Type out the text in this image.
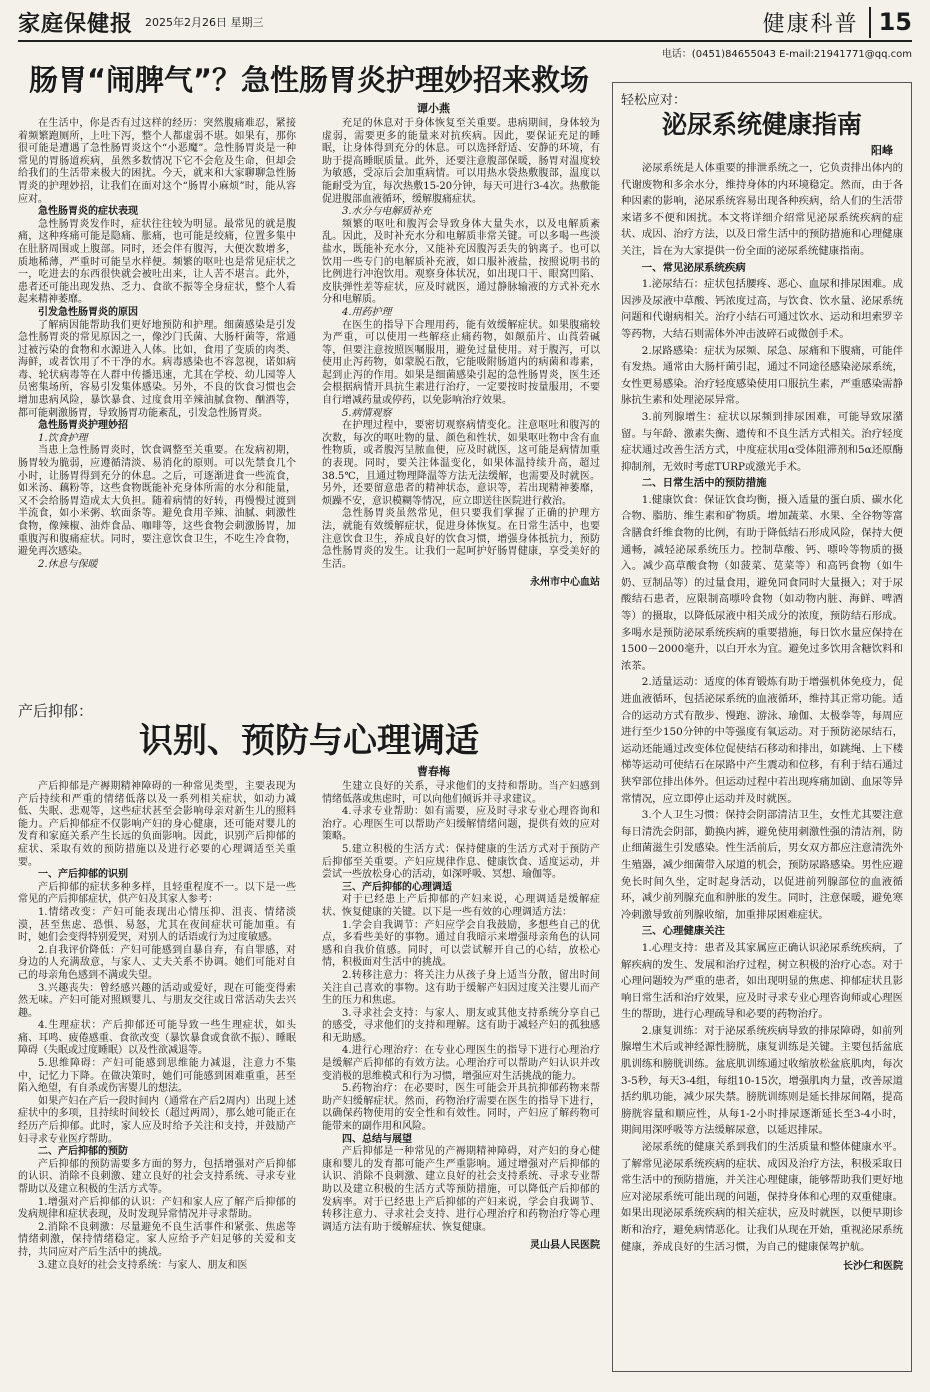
家庭保健报 2025年2月26日 星期三	健康科普 15
电话：(0451)84655043 E-mail:21941771@qq.com
肠胃“闹脾气”？急性肠胃炎护理妙招来救场
谭小燕

在生活中，你是否有过这样的经历：突然腹痛难忍，紧接着频繁跑厕所，上吐下泻，整个人都虚弱不堪。如果有，那你很可能是遭遇了急性肠胃炎这个“小恶魔”。急性肠胃炎是一种常见的胃肠道疾病，虽然多数情况下它不会危及生命，但却会给我们的生活带来极大的困扰。今天，就来和大家聊聊急性肠胃炎的护理妙招，让我们在面对这个“肠胃小麻烦”时，能从容应对。

急性肠胃炎的症状表现

急性肠胃炎发作时，症状往往较为明显。最常见的就是腹痛，这种疼痛可能是隐痛、胀痛，也可能是绞痛，位置多集中在肚脐周围或上腹部。同时，还会伴有腹泻，大便次数增多，质地稀薄，严重时可能呈水样便。频繁的呕吐也是常见症状之一，吃进去的东西很快就会被吐出来，让人苦不堪言。此外，患者还可能出现发热、乏力、食欲不振等全身症状，整个人看起来精神萎靡。

引发急性肠胃炎的原因

了解病因能帮助我们更好地预防和护理。细菌感染是引发急性肠胃炎的常见原因之一，像沙门氏菌、大肠杆菌等，常通过被污染的食物和水源进入人体。比如，食用了变质的肉类、海鲜，或者饮用了不干净的水。病毒感染也不容忽视，诺如病毒、轮状病毒等在人群中传播迅速，尤其在学校、幼儿园等人员密集场所，容易引发集体感染。另外，不良的饮食习惯也会增加患病风险，暴饮暴食、过度食用辛辣油腻食物、酗酒等，都可能刺激肠胃，导致肠胃功能紊乱，引发急性肠胃炎。

急性肠胃炎护理妙招
1.饮食护理

当患上急性肠胃炎时，饮食调整至关重要。在发病初期，肠胃较为脆弱，应遵循清淡、易消化的原则。可以先禁食几个小时，让肠胃得到充分的休息。之后，可逐渐进食一些流食，如米汤、藕粉等，这些食物既能补充身体所需的水分和能量，又不会给肠胃造成太大负担。随着病情的好转，再慢慢过渡到半流食，如小米粥、软面条等。避免食用辛辣、油腻、刺激性食物，像辣椒、油炸食品、咖啡等，这些食物会刺激肠胃，加重腹泻和腹痛症状。同时，要注意饮食卫生，不吃生冷食物，避免再次感染。

2.休息与保暖

充足的休息对于身体恢复至关重要。患病期间，身体较为虚弱，需要更多的能量来对抗疾病。因此，要保证充足的睡眠，让身体得到充分的休息。可以选择舒适、安静的环境，有助于提高睡眠质量。此外，还要注意腹部保暖，肠胃对温度较为敏感，受凉后会加重病情。可以用热水袋热敷腹部，温度以能耐受为宜，每次热敷15-20分钟，每天可进行3-4次。热敷能促进腹部血液循环，缓解腹痛症状。

3.水分与电解质补充

频繁的呕吐和腹泻会导致身体大量失水，以及电解质紊乱。因此，及时补充水分和电解质非常关键。可以多喝一些淡盐水，既能补充水分，又能补充因腹泻丢失的钠离子。也可以饮用一些专门的电解质补充液，如口服补液盐，按照说明书的比例进行冲泡饮用。观察身体状况，如出现口干、眼窝凹陷、皮肤弹性差等症状，应及时就医，通过静脉输液的方式补充水分和电解质。

4.用药护理

在医生的指导下合理用药，能有效缓解症状。如果腹痛较为严重，可以使用一些解痉止痛药物，如颠茄片、山莨菪碱等，但要注意按照医嘱服用，避免过量使用。对于腹泻，可以使用止泻药物，如蒙脱石散，它能吸附肠道内的病菌和毒素，起到止泻的作用。如果是细菌感染引起的急性肠胃炎，医生还会根据病情开具抗生素进行治疗，一定要按时按量服用，不要自行增减药量或停药，以免影响治疗效果。

5.病情观察

在护理过程中，要密切观察病情变化。注意呕吐和腹泻的次数，每次的呕吐物的量、颜色和性状，如果呕吐物中含有血性物质，或者腹泻呈脓血便，应及时就医，这可能是病情加重的表现。同时，要关注体温变化，如果体温持续升高，超过38.5℃，且通过物理降温等方法无法缓解，也需要及时就医。另外，还要留意患者的精神状态，意识等，若出现精神萎靡，烦躁不安，意识模糊等情况，应立即送往医院进行救治。

急性肠胃炎虽然常见，但只要我们掌握了正确的护理方法，就能有效缓解症状，促进身体恢复。在日常生活中，也要注意饮食卫生，养成良好的饮食习惯，增强身体抵抗力，预防急性肠胃炎的发生。让我们一起呵护好肠胃健康，享受美好的生活。

永州市中心血站
产后抑郁：
识别、预防与心理调适
曹春梅

产后抑郁是产褥期精神障碍的一种常见类型，主要表现为产后持续和严重的情绪低落以及一系列相关症状，如动力减低、失眠、悲观等，这些症状甚至会影响母亲对新生儿的照料能力。产后抑郁症不仅影响产妇的身心健康，还可能对婴儿的发育和家庭关系产生长远的负面影响。因此，识别产后抑郁的症状、采取有效的预防措施以及进行必要的心理调适至关重要。

一、产后抑郁的识别

产后抑郁的症状多种多样，且轻重程度不一。以下是一些常见的产后抑郁症状，供产妇及其家人参考：

1.情绪改变：产妇可能表现出心情压抑、沮丧、情绪淡漠，甚至焦虑、恐惧、易怒，尤其在夜间症状可能加重。有时，她们会变得特别爱哭，对别人的话语或行为过度敏感。

2.自我评价降低：产妇可能感到自暴自弃，有自罪感，对身边的人充满敌意，与家人、丈夫关系不协调。她们可能对自己的母亲角色感到不满或失望。

3.兴趣丧失：曾经感兴趣的活动或爱好，现在可能变得索然无味。产妇可能对照顾婴儿、与朋友交往或日常活动失去兴趣。

4.生理症状：产后抑郁还可能导致一些生理症状，如头痛、耳鸣、疲倦感重、食欲改变（暴饮暴食或食欲不振）、睡眠障碍（失眠或过度睡眠）以及性欲减退等。

5.思维障碍：产妇可能感到思维能力减退，注意力不集中，记忆力下降。在做决策时，她们可能感到困难重重，甚至陷入绝望，有自杀或伤害婴儿的想法。

如果产妇在产后一段时间内（通常在产后2周内）出现上述症状中的多项，且持续时间较长（超过两周），那么她可能正在经历产后抑郁。此时，家人应及时给予关注和支持，并鼓励产妇寻求专业医疗帮助。

二、产后抑郁的预防

产后抑郁的预防需要多方面的努力，包括增强对产后抑郁的认识、消除不良刺激、建立良好的社会支持系统、寻求专业帮助以及建立积极的生活方式等。

1.增强对产后抑郁的认识：产妇和家人应了解产后抑郁的发病规律和症状表现，及时发现异常情况并寻求帮助。

2.消除不良刺激：尽量避免不良生活事件和紧张、焦虑等情绪刺激，保持情绪稳定。家人应给予产妇足够的关爱和支持，共同应对产后生活中的挑战。

3.建立良好的社会支持系统：与家人、朋友和医

生建立良好的关系，寻求他们的支持和帮助。当产妇感到情绪低落或焦虑时，可以向他们倾诉并寻求建议。

4.寻求专业帮助：如有需要，应及时寻求专业心理咨询和治疗。心理医生可以帮助产妇缓解情绪问题，提供有效的应对策略。

5.建立积极的生活方式：保持健康的生活方式对于预防产后抑郁至关重要。产妇应规律作息、健康饮食、适度运动，并尝试一些放松身心的活动，如深呼吸、冥想、瑜伽等。

三、产后抑郁的心理调适

对于已经患上产后抑郁的产妇来说，心理调适是缓解症状、恢复健康的关键。以下是一些有效的心理调适方法：

1.学会自我调节：产妇应学会自我鼓励，多想些自己的优点，多看些美好的事物。通过自我暗示来增强母亲角色的认同感和自我价值感。同时，可以尝试解开自己的心结，放松心情，积极面对生活中的挑战。

2.转移注意力：将关注力从孩子身上适当分散，留出时间关注自己喜欢的事物。这有助于缓解产妇因过度关注婴儿而产生的压力和焦虑。

3.寻求社会支持：与家人、朋友或其他支持系统分享自己的感受，寻求他们的支持和理解。这有助于减轻产妇的孤独感和无助感。

4.进行心理治疗：在专业心理医生的指导下进行心理治疗是缓解产后抑郁的有效方法。心理治疗可以帮助产妇认识并改变消极的思维模式和行为习惯，增强应对生活挑战的能力。

5.药物治疗：在必要时，医生可能会开具抗抑郁药物来帮助产妇缓解症状。然而，药物治疗需要在医生的指导下进行，以确保药物使用的安全性和有效性。同时，产妇应了解药物可能带来的副作用和风险。

四、总结与展望

产后抑郁是一种常见的产褥期精神障碍，对产妇的身心健康和婴儿的发育都可能产生严重影响。通过增强对产后抑郁的认识、消除不良刺激、建立良好的社会支持系统、寻求专业帮助以及建立积极的生活方式等预防措施，可以降低产后抑郁的发病率。对于已经患上产后抑郁的产妇来说，学会自我调节、转移注意力、寻求社会支持、进行心理治疗和药物治疗等心理调适方法有助于缓解症状、恢复健康。

灵山县人民医院
轻松应对：
泌尿系统健康指南
阳峰

泌尿系统是人体重要的排泄系统之一，它负责排出体内的代谢废物和多余水分，维持身体的内环境稳定。然而，由于各种因素的影响，泌尿系统容易出现各种疾病，给人们的生活带来诸多不便和困扰。本文将详细介绍常见泌尿系统疾病的症状、成因、治疗方法，以及日常生活中的预防措施和心理健康关注，旨在为大家提供一份全面的泌尿系统健康指南。

一、常见泌尿系统疾病

1.泌尿结石：症状包括腰疼、恶心、血尿和排尿困难。成因涉及尿液中草酸、钙浓度过高，与饮食、饮水量、泌尿系统问题和代谢病相关。治疗小结石可通过饮水、运动和坦索罗辛等药物，大结石则需体外冲击波碎石或微创手术。

2.尿路感染：症状为尿频、尿急、尿痛和下腹痛，可能伴有发热。通常由大肠杆菌引起，通过不同途径感染泌尿系统，女性更易感染。治疗轻度感染使用口服抗生素，严重感染需静脉抗生素和处理泌尿异常。

3.前列腺增生：症状以尿频到排尿困难，可能导致尿潴留。与年龄、激素失衡、遗传和不良生活方式相关。治疗轻度症状通过改善生活方式，中度症状用α受体阻滞剂和5α还原酶抑制剂，无效时考虑TURP或激光手术。

二、日常生活中的预防措施

1.健康饮食：保证饮食均衡，摄入适量的蛋白质、碳水化合物、脂肪、维生素和矿物质。增加蔬菜、水果、全谷物等富含膳食纤维食物的比例，有助于降低结石形成风险，保持大便通畅，减轻泌尿系统压力。控制草酸、钙、嘌呤等物质的摄入。减少高草酸食物（如菠菜、苋菜等）和高钙食物（如牛奶、豆制品等）的过量食用，避免同食同时大量摄入；对于尿酸结石患者，应限制高嘌呤食物（如动物内脏、海鲜、啤酒等）的摄取，以降低尿液中相关成分的浓度，预防结石形成。多喝水是预防泌尿系统疾病的重要措施，每日饮水量应保持在1500－2000毫升，以白开水为宜。避免过多饮用含糖饮料和浓茶。

2.适量运动：适度的体育锻炼有助于增强机体免疫力，促进血液循环，包括泌尿系统的血液循环，维持其正常功能。适合的运动方式有散步、慢跑、游泳、瑜伽、太极拳等，每周应进行至少150分钟的中等强度有氧运动。对于预防泌尿结石，运动还能通过改变体位促使结石移动和排出，如跳绳、上下楼梯等运动可使结石在尿路中产生震动和位移，有利于结石通过狭窄部位排出体外。但运动过程中若出现疼痛加剧、血尿等异常情况，应立即停止运动并及时就医。

3.个人卫生习惯：保持会阴部清洁卫生，女性尤其要注意每日清洗会阴部，勤换内裤，避免使用刺激性强的清洁剂，防止细菌滋生引发感染。性生活前后，男女双方都应注意清洗外生殖器，减少细菌带入尿道的机会，预防尿路感染。男性应避免长时间久坐，定时起身活动，以促进前列腺部位的血液循环，减少前列腺充血和肿胀的发生。同时，注意保暖，避免寒冷刺激导致前列腺收缩，加重排尿困难症状。

三、心理健康关注

1.心理支持：患者及其家属应正确认识泌尿系统疾病，了解疾病的发生、发展和治疗过程，树立积极的治疗心态。对于心理问题较为严重的患者，如出现明显的焦虑、抑郁症状且影响日常生活和治疗效果，应及时寻求专业心理咨询师或心理医生的帮助，进行心理疏导和必要的药物治疗。

2.康复训练：对于泌尿系统疾病导致的排尿障碍，如前列腺增生术后或神经源性膀胱，康复训练是关键。主要包括盆底肌训练和膀胱训练。盆底肌训练通过收缩放松盆底肌肉，每次3-5秒，每天3-4组，每组10-15次，增强肌肉力量，改善尿道括约肌功能，减少尿失禁。膀胱训练则是延长排尿间隔，提高膀胱容量和顺应性，从每1-2小时排尿逐渐延长至3-4小时，期间用深呼吸等方法缓解尿意，以延迟排尿。

泌尿系统的健康关系到我们的生活质量和整体健康水平。了解常见泌尿系统疾病的症状、成因及治疗方法，积极采取日常生活中的预防措施，并关注心理健康，能够帮助我们更好地应对泌尿系统可能出现的问题，保持身体和心理的双重健康。如果出现泌尿系统疾病的相关症状，应及时就医，以便早期诊断和治疗，避免病情恶化。让我们从现在开始，重视泌尿系统健康，养成良好的生活习惯，为自己的健康保驾护航。

长沙仁和医院
